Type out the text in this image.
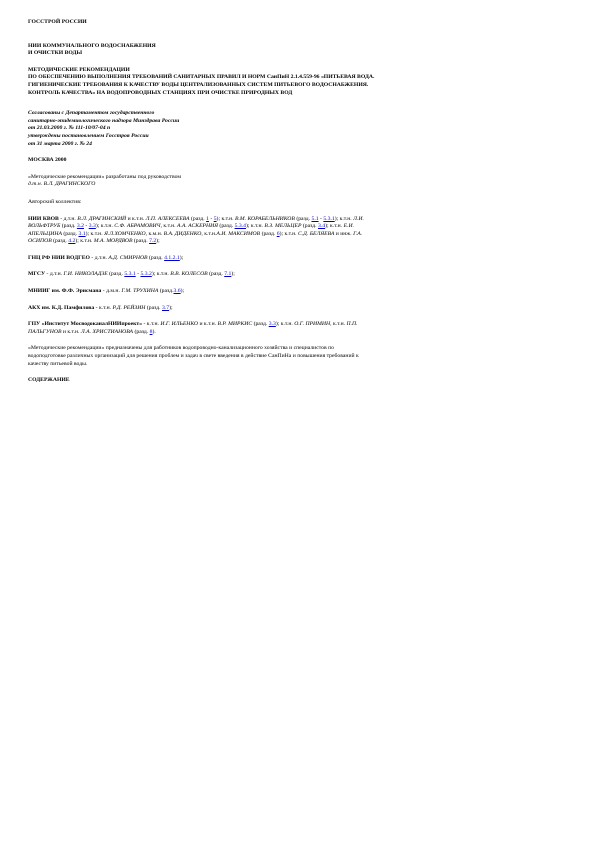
ГОССТРОЙ РОССИИ

НИИ КОММУНАЛЬНОГО ВОДОСНАБЖЕНИЯ

И ОЧИСТКИ ВОДЫ

МЕТОДИЧЕСКИЕ РЕКОМЕНДАЦИИ

ПО ОБЕСПЕЧЕНИЮ ВЫПОЛНЕНИЯ ТРЕБОВАНИЙ САНИТАРНЫХ ПРАВИЛ И НОРМ СанПиН 2.1.4.559-96 «ПИТЬЕВАЯ ВОДА.

ГИГИЕНИЧЕСКИЕ ТРЕБОВАНИЯ К КАЧЕСТВУ ВОДЫ ЦЕНТРАЛИЗОВАННЫХ СИСТЕМ ПИТЬЕВОГО ВОДОСНАБЖЕНИЯ.

КОНТРОЛЬ КАЧЕСТВА» НА ВОДОПРОВОДНЫХ СТАНЦИЯХ ПРИ ОЧИСТКЕ ПРИРОДНЫХ ВОД

Согласованы с Департаментом государственного

санитарно-эпидемиологического надзора Минздрава России

от 21.03.2000 г. № 111-10/07-04 п

утверждены постановлением Госстроя России

от 31 марта 2000 г. № 24

МОСКВА 2000

«Методические рекомендации» разработаны под руководством

д.т.н. В.Л. ДРАГИНСКОГО

Авторский коллектив:

НИИ КВОВ - д.т.н. В.Л. ДРАГИНСКИЙ и к.т.н. Л.П. АЛЕКСЕЕВА (разд. 1 - 5); к.т.н. В.М. КОРАБЕЛЬНИКОВ (разд. 5.1 - 5.3.1); к.т.н. Л.И.

ВОЛЬФТРУБ (разд. 3.2 - 3.3); к.т.н. С.Ф. АБРАМОВИЧ, к.т.н. А.А. АСКЕРНИЯ (разд. 5.3.4); к.т.н. В.З. МЕЛЬЦЕР (разд. 3.4); к.т.н. Е.И.

АПЕЛЬЦИНА (разд. 3.1); к.т.н. Я.Л.ХОМЧЕНКО, к.м.н. В.А. ДИДЕНКО, к.т.н.А.И. МАКСИМОВ (разд. 6); к.т.н. С.Д. БЕЛЯЕВА и инж. Г.А.

ОСИПОВ (разд. 4.2); к.т.н. М.А. МОРДВОВ (разд. 7.2);

ГНЦ РФ НИИ ВОДГЕО - д.т.н. А.Д. СМИРНОВ (разд. 4.1.2.1);

МГСУ - д.т.н. Г.И. НИКОЛАДЗЕ (разд. 5.3.1 - 5.3.2); к.т.н. В.В. КОЛЕСОВ (разд. 7.1);

МНИИГ им. Ф.Ф. Эрисмана - д.м.н. Г.М. ТРУХИНА (разд.3.6);

АКХ им. К.Д. Памфилова - к.т.н. Р.Д. РЕЙЗИН (разд. 3.7);

ГПУ «Институт МосводоканалНИИпроект» - к.т.н. И.Г. ИЛЬЕНКО и к.т.н. В.Р. МИРКИС (разд. 3.3); к.т.н. О.Г. ПРИМИН, к.т.н. П.П.

ПАЛЬГУНОВ и к.т.н. Л.А. ХРИСТИАНОВА (разд. 8).

«Методические рекомендации» предназначены для работников водопроводно-канализационного хозяйства и специалистов по

водоподготовке различных организаций для решения проблем и задач в свете введения в действие СанПиНа и повышения требований к

качеству питьевой воды.

СОДЕРЖАНИЕ
